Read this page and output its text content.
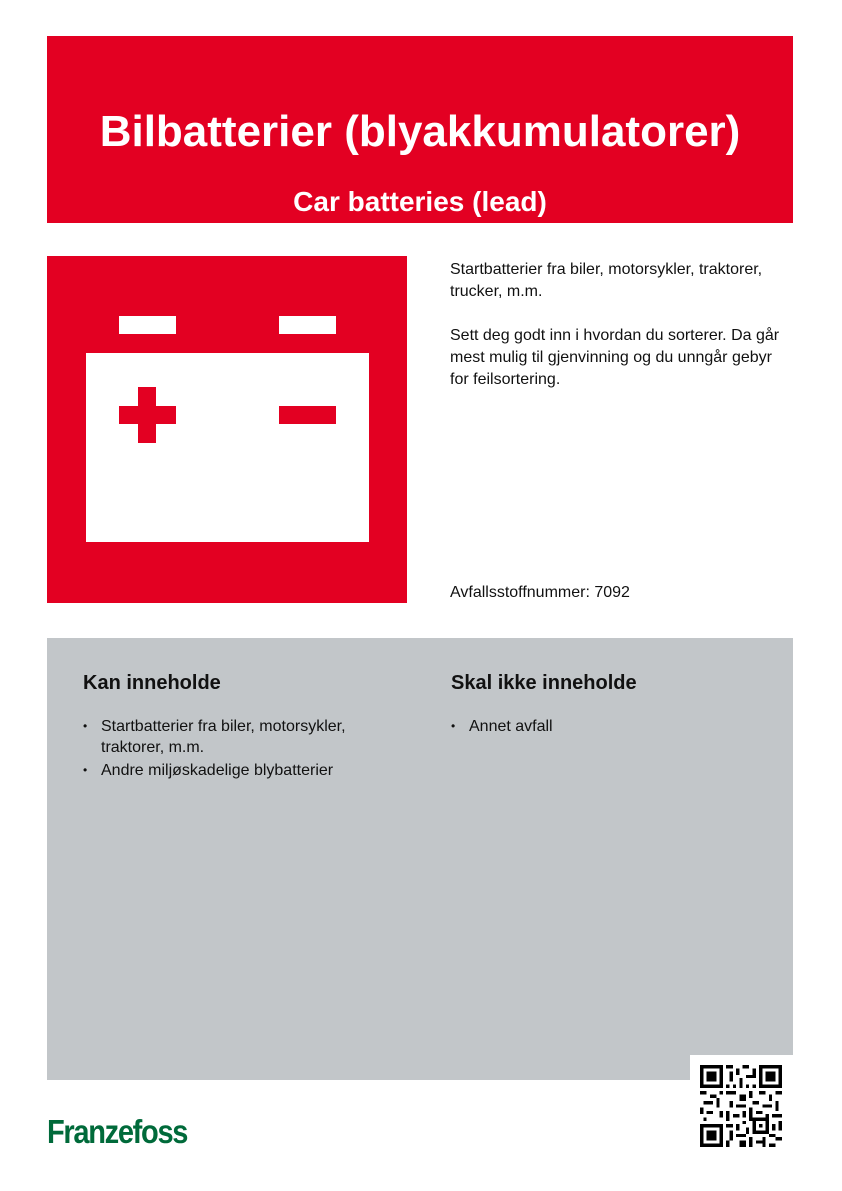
Bilbatterier (blyakkumulatorer)
Car batteries (lead)

Startbatterier fra biler, motorsykler, traktorer, trucker, m.m.

Sett deg godt inn i hvordan du sorterer. Da går mest mulig til gjenvinning og du unngår gebyr for feilsortering.

Avfallsstoffnummer: 7092
Kan inneholde
• Startbatterier fra biler, motorsykler, traktorer, m.m.
• Andre miljøskadelige blybatterier
Skal ikke inneholde
• Annet avfall
Franzefoss
